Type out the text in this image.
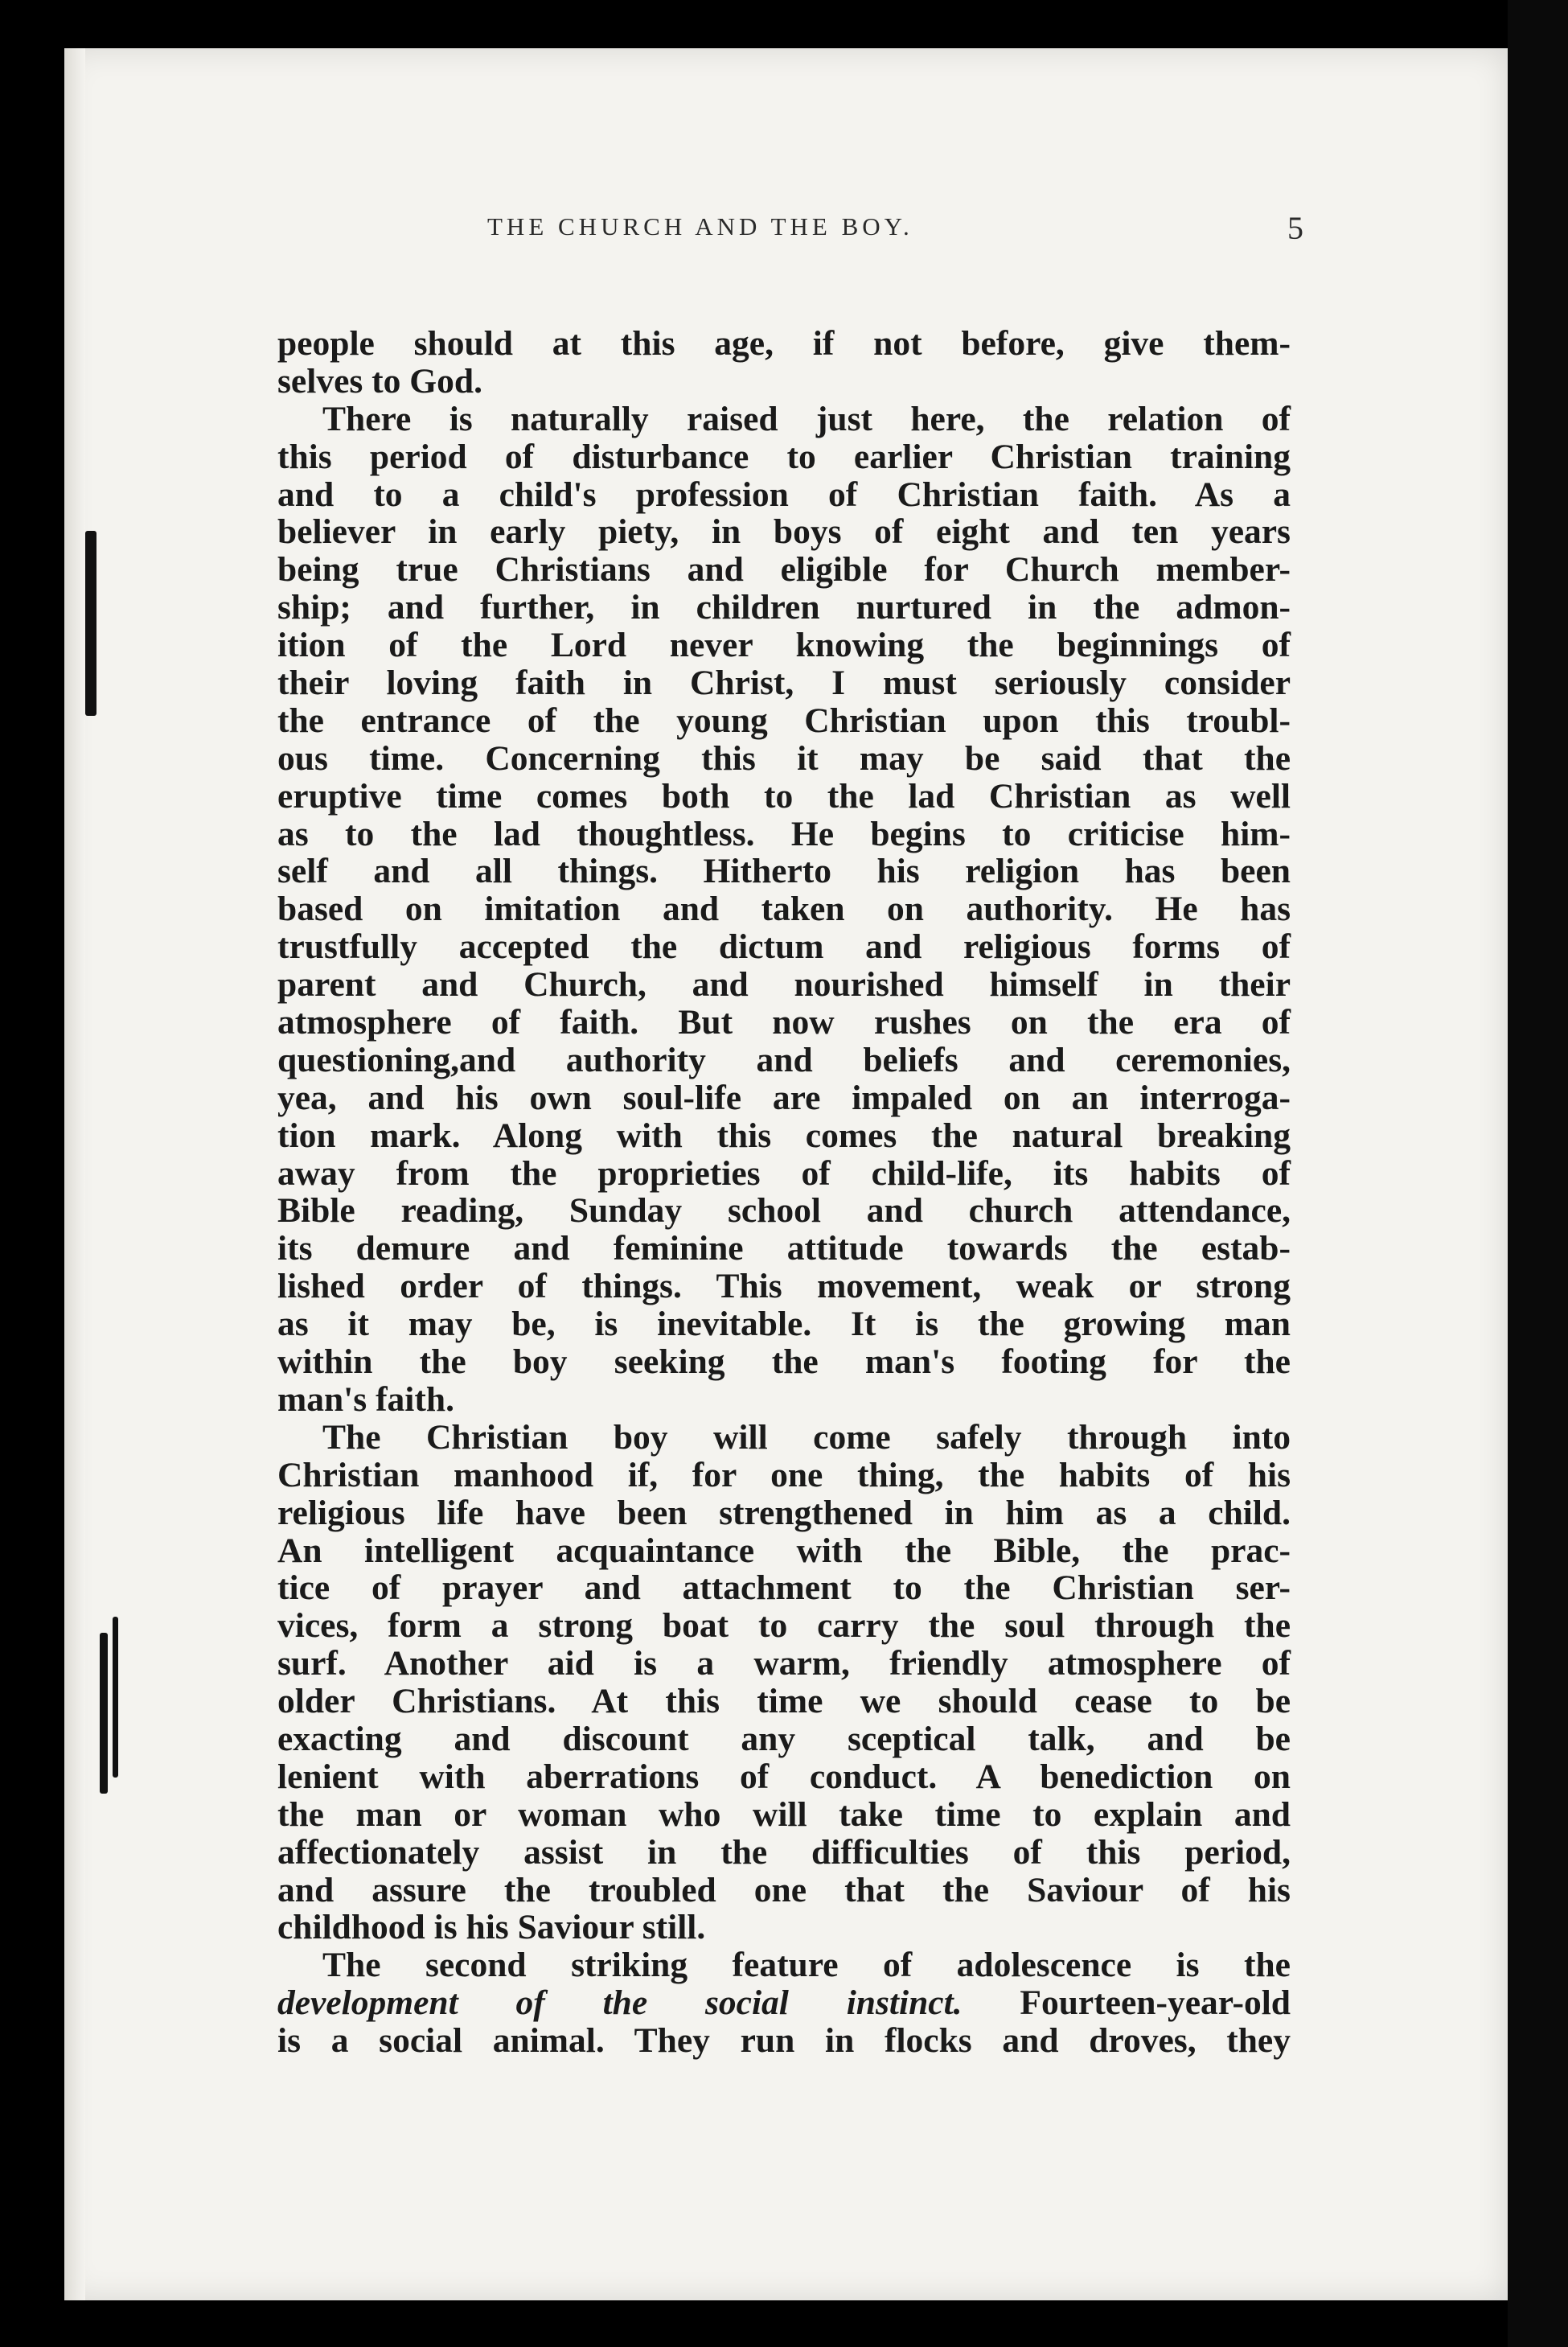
THE CHURCH AND THE BOY.	5
people should at this age, if not before, give them-
selves to God.
There is naturally raised just here, the relation of
this period of disturbance to earlier Christian training
and to a child's profession of Christian faith. As a
believer in early piety, in boys of eight and ten years
being true Christians and eligible for Church member-
ship; and further, in children nurtured in the admon-
ition of the Lord never knowing the beginnings of
their loving faith in Christ, I must seriously consider
the entrance of the young Christian upon this troubl-
ous time. Concerning this it may be said that the
eruptive time comes both to the lad Christian as well
as to the lad thoughtless. He begins to criticise him-
self and all things. Hitherto his religion has been
based on imitation and taken on authority. He has
trustfully accepted the dictum and religious forms of
parent and Church, and nourished himself in their
atmosphere of faith. But now rushes on the era of
questioning,and authority and beliefs and ceremonies,
yea, and his own soul-life are impaled on an interroga-
tion mark. Along with this comes the natural breaking
away from the proprieties of child-life, its habits of
Bible reading, Sunday school and church attendance,
its demure and feminine attitude towards the estab-
lished order of things. This movement, weak or strong
as it may be, is inevitable. It is the growing man
within the boy seeking the man's footing for the
man's faith.
The Christian boy will come safely through into
Christian manhood if, for one thing, the habits of his
religious life have been strengthened in him as a child.
An intelligent acquaintance with the Bible, the prac-
tice of prayer and attachment to the Christian ser-
vices, form a strong boat to carry the soul through the
surf. Another aid is a warm, friendly atmosphere of
older Christians. At this time we should cease to be
exacting and discount any sceptical talk, and be
lenient with aberrations of conduct. A benediction on
the man or woman who will take time to explain and
affectionately assist in the difficulties of this period,
and assure the troubled one that the Saviour of his
childhood is his Saviour still.
The second striking feature of adolescence is the
development of the social instinct. Fourteen-year-old
is a social animal. They run in flocks and droves, they
